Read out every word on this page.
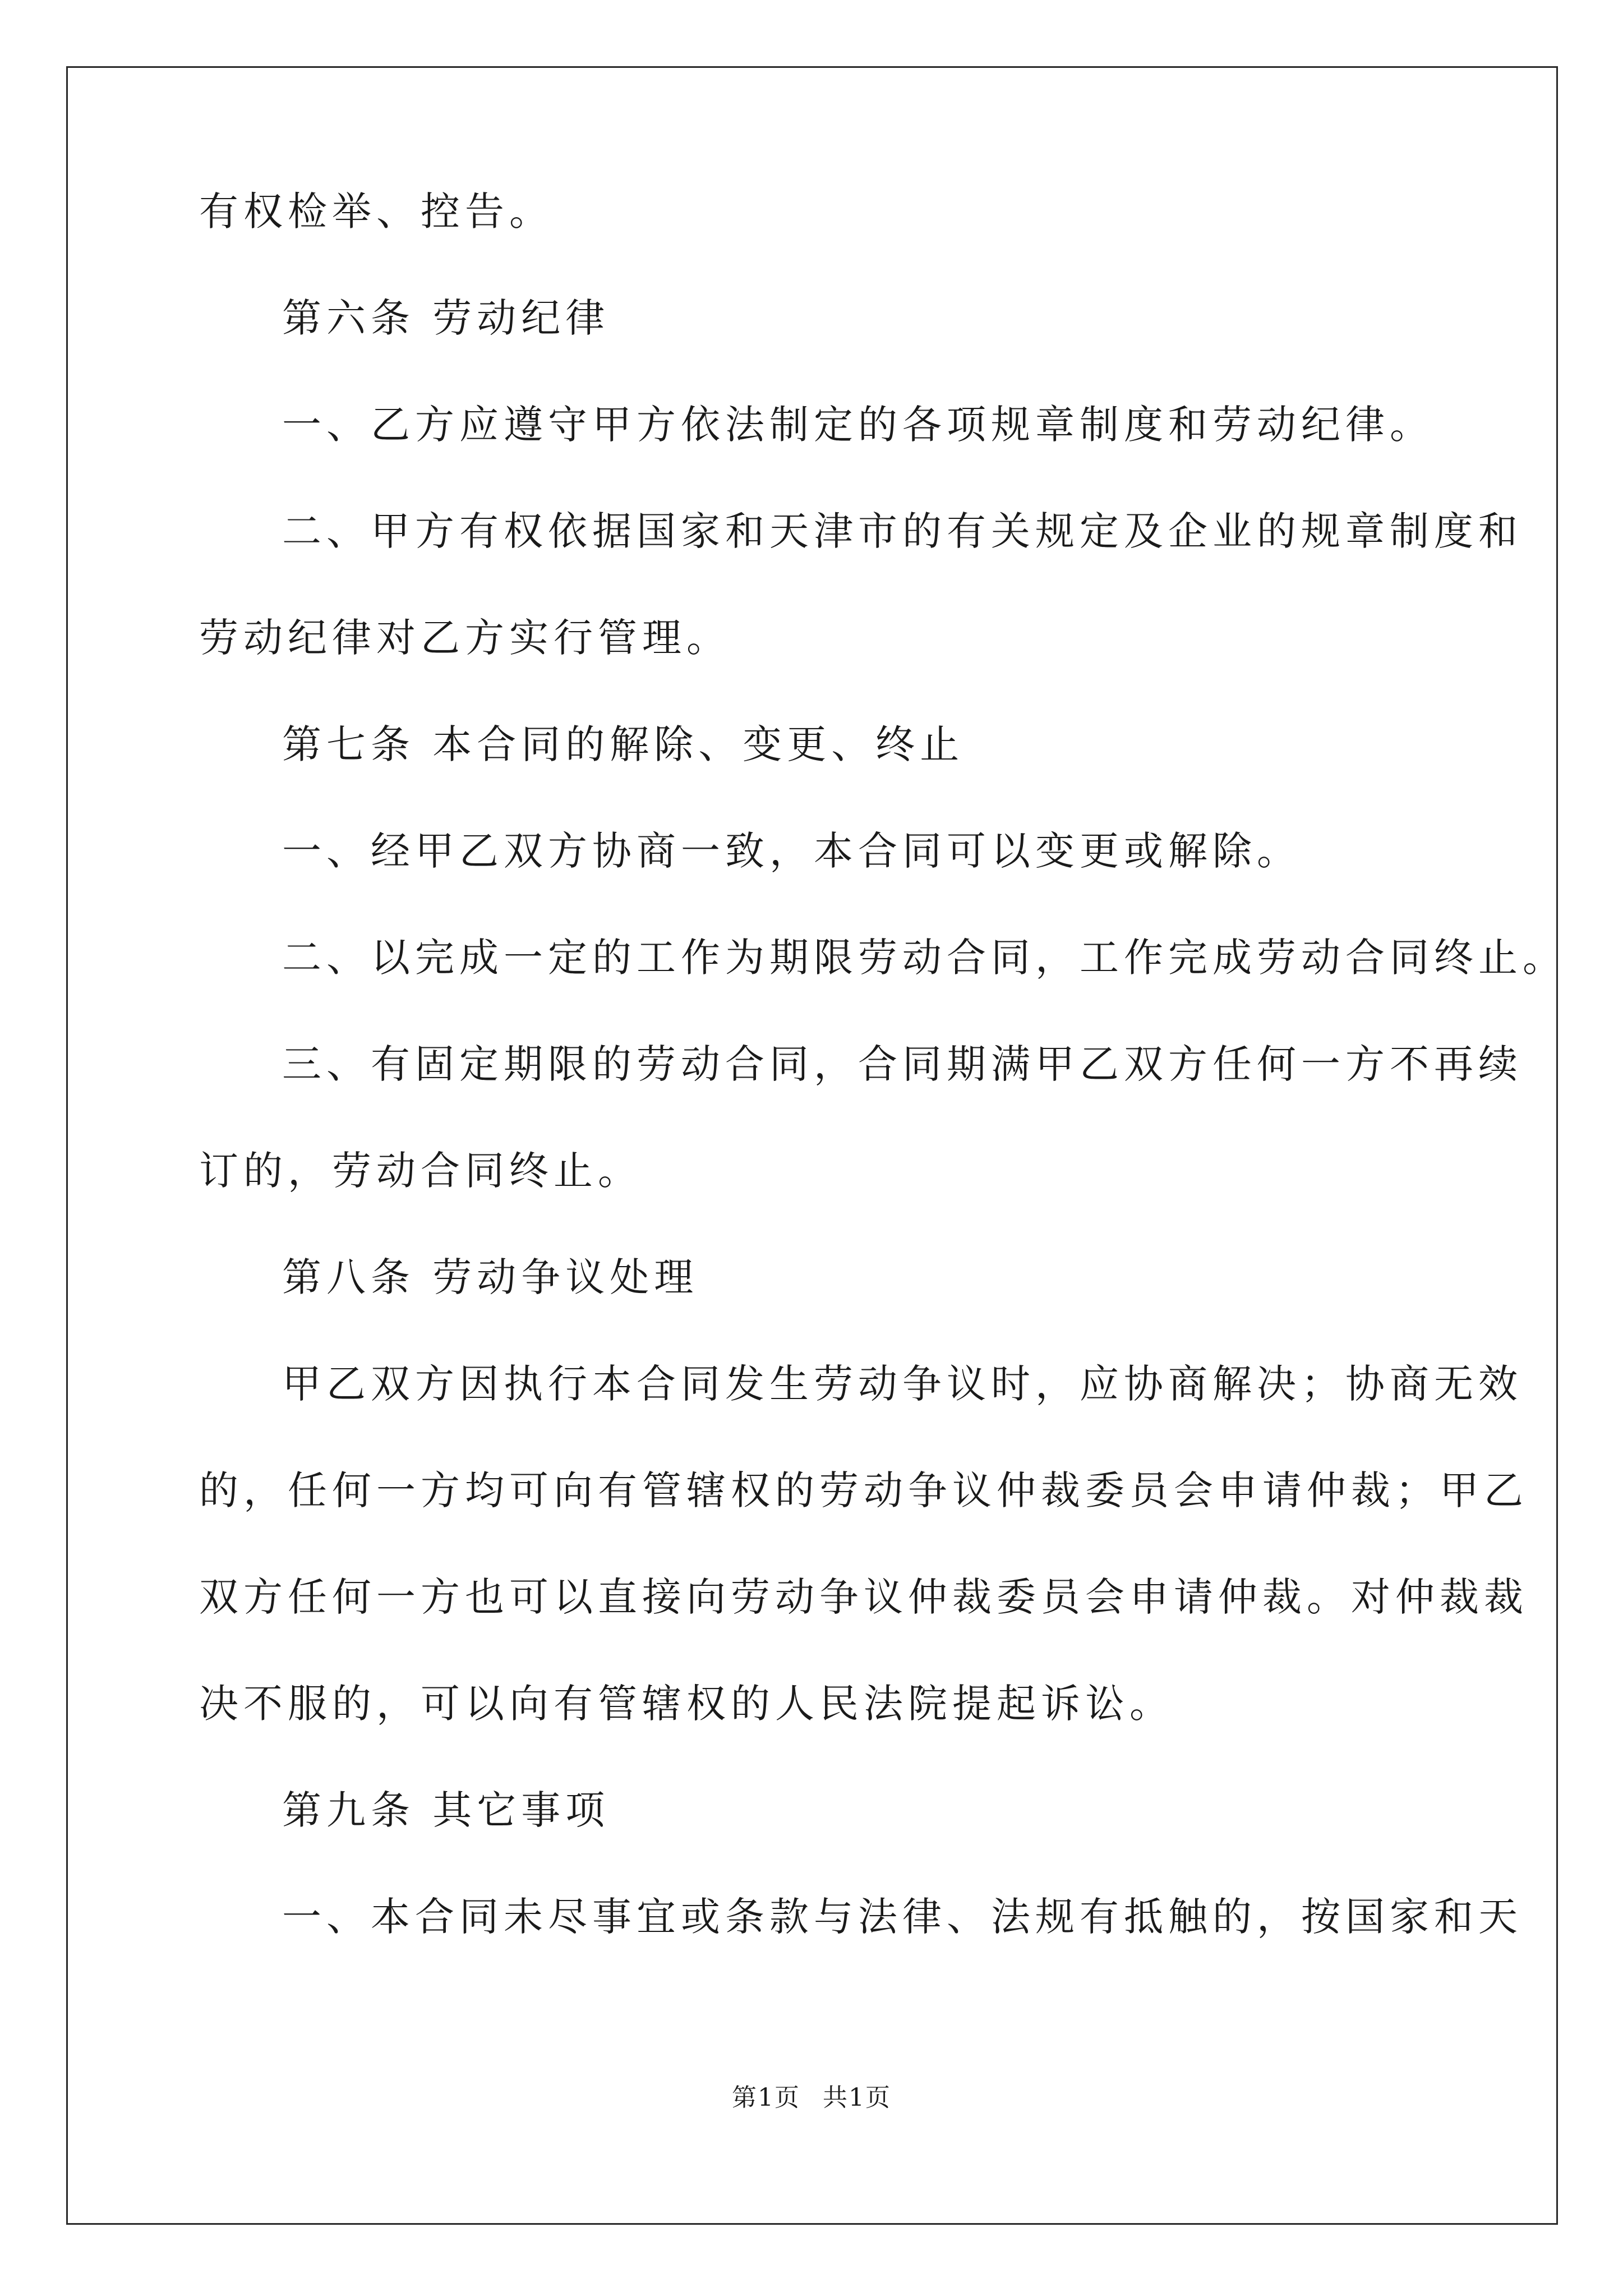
有权检举、控告。
第六条 劳动纪律
一、乙方应遵守甲方依法制定的各项规章制度和劳动纪律。
二、甲方有权依据国家和天津市的有关规定及企业的规章制度和
劳动纪律对乙方实行管理。
第七条 本合同的解除、变更、终止
一、经甲乙双方协商一致，本合同可以变更或解除。
二、以完成一定的工作为期限劳动合同，工作完成劳动合同终止。
三、有固定期限的劳动合同，合同期满甲乙双方任何一方不再续
订的，劳动合同终止。
第八条 劳动争议处理
甲乙双方因执行本合同发生劳动争议时，应协商解决；协商无效
的，任何一方均可向有管辖权的劳动争议仲裁委员会申请仲裁；甲乙
双方任何一方也可以直接向劳动争议仲裁委员会申请仲裁。对仲裁裁
决不服的，可以向有管辖权的人民法院提起诉讼。
第九条 其它事项
一、本合同未尽事宜或条款与法律、法规有抵触的，按国家和天
第1页 共1页
